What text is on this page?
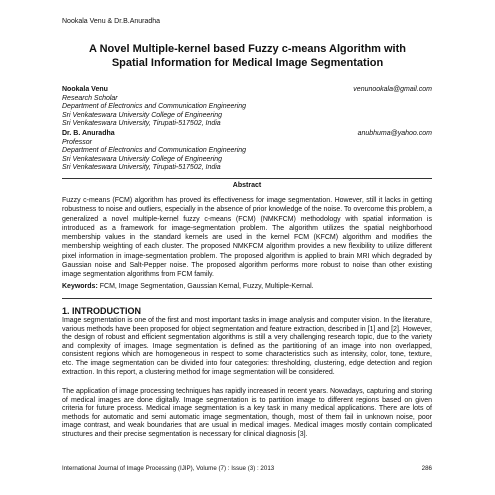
Nookala Venu & Dr.B.Anuradha
A Novel Multiple-kernel based Fuzzy c-means Algorithm with
Spatial Information for Medical Image Segmentation
Nookala Venu	venunookala@gmail.com
Research Scholar
Department of Electronics and Communication Engineering
Sri Venkateswara University College of Engineering
Sri Venkateswara University, Tirupati-517502, India
Dr. B. Anuradha	anubhuma@yahoo.com
Professor
Department of Electronics and Communication Engineering
Sri Venkateswara University College of Engineering
Sri Venkateswara University, Tirupati-517502, India
Abstract
Fuzzy c-means (FCM) algorithm has proved its effectiveness for image segmentation. However, still it lacks in getting robustness to noise and outliers, especially in the absence of prior knowledge of the noise. To overcome this problem, a generalized a novel multiple-kernel fuzzy c-means (FCM) (NMKFCM) methodology with spatial information is introduced as a framework for image-segmentation problem. The algorithm utilizes the spatial neighborhood membership values in the standard kernels are used in the kernel FCM (KFCM) algorithm and modifies the membership weighting of each cluster. The proposed NMKFCM algorithm provides a new flexibility to utilize different pixel information in image-segmentation problem. The proposed algorithm is applied to brain MRI which degraded by Gaussian noise and Salt-Pepper noise. The proposed algorithm performs more robust to noise than other existing image segmentation algorithms from FCM family.
Keywords: FCM, Image Segmentation, Gaussian Kernal, Fuzzy, Multiple-Kernal.
1. INTRODUCTION
Image segmentation is one of the first and most important tasks in image analysis and computer vision. In the literature, various methods have been proposed for object segmentation and feature extraction, described in [1] and [2]. However, the design of robust and efficient segmentation algorithms is still a very challenging research topic, due to the variety and complexity of images. Image segmentation is defined as the partitioning of an image into non overlapped, consistent regions which are homogeneous in respect to some characteristics such as intensity, color, tone, texture, etc. The image segmentation can be divided into four categories: thresholding, clustering, edge detection and region extraction. In this report, a clustering method for image segmentation will be considered.
The application of image processing techniques has rapidly increased in recent years. Nowadays, capturing and storing of medical images are done digitally. Image segmentation is to partition image to different regions based on given criteria for future process. Medical image segmentation is a key task in many medical applications. There are lots of methods for automatic and semi automatic image segmentation, though, most of them fail in unknown noise, poor image contrast, and weak boundaries that are usual in medical images. Medical images mostly contain complicated structures and their precise segmentation is necessary for clinical diagnosis [3].
International Journal of Image Processing (IJIP), Volume (7) : Issue (3) : 2013	286
